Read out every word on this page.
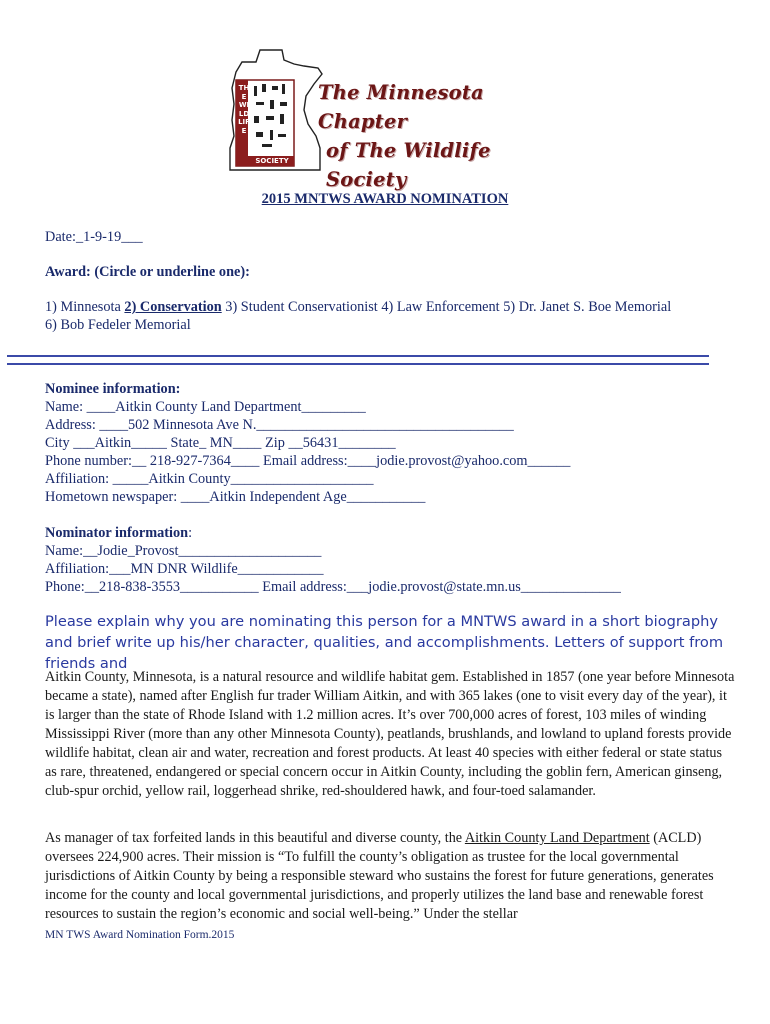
THE WILDLIFE
SOCIETY
The Minnesota Chapter
of The Wildlife Society
2015 MNTWS AWARD NOMINATION
Date:_1-9-19___
Award: (Circle or underline one):
1) Minnesota 2) Conservation 3) Student Conservationist 4) Law Enforcement 5) Dr. Janet S. Boe Memorial
6) Bob Fedeler Memorial
Nominee information:
Name: ____Aitkin County Land Department_________
Address: ____502 Minnesota Ave N.____________________________________
City ___Aitkin_____ State_ MN____ Zip __56431________
Phone number:__ 218-927-7364____ Email address:____jodie.provost@yahoo.com______
Affiliation: _____Aitkin County____________________
Hometown newspaper: ____Aitkin Independent Age___________
Nominator information:
Name:__Jodie_Provost____________________
Affiliation:___MN DNR Wildlife____________
Phone:__218-838-3553___________ Email address:___jodie.provost@state.mn.us______________
Please explain why you are nominating this person for a MNTWS award in a short biography and brief write up his/her character, qualities, and accomplishments. Letters of support from friends and
Aitkin County, Minnesota, is a natural resource and wildlife habitat gem. Established in 1857 (one year before Minnesota became a state), named after English fur trader William Aitkin, and with 365 lakes (one to visit every day of the year), it is larger than the state of Rhode Island with 1.2 million acres. It’s over 700,000 acres of forest, 103 miles of winding Mississippi River (more than any other Minnesota County), peatlands, brushlands, and lowland to upland forests provide wildlife habitat, clean air and water, recreation and forest products. At least 40 species with either federal or state status as rare, threatened, endangered or special concern occur in Aitkin County, including the goblin fern, American ginseng, club-spur orchid, yellow rail, loggerhead shrike, red-shouldered hawk, and four-toed salamander.
As manager of tax forfeited lands in this beautiful and diverse county, the Aitkin County Land Department (ACLD) oversees 224,900 acres. Their mission is “To fulfill the county’s obligation as trustee for the local governmental jurisdictions of Aitkin County by being a responsible steward who sustains the forest for future generations, generates income for the county and local governmental jurisdictions, and properly utilizes the land base and renewable forest resources to sustain the region’s economic and social well-being.” Under the stellar
MN TWS Award Nomination Form.2015
